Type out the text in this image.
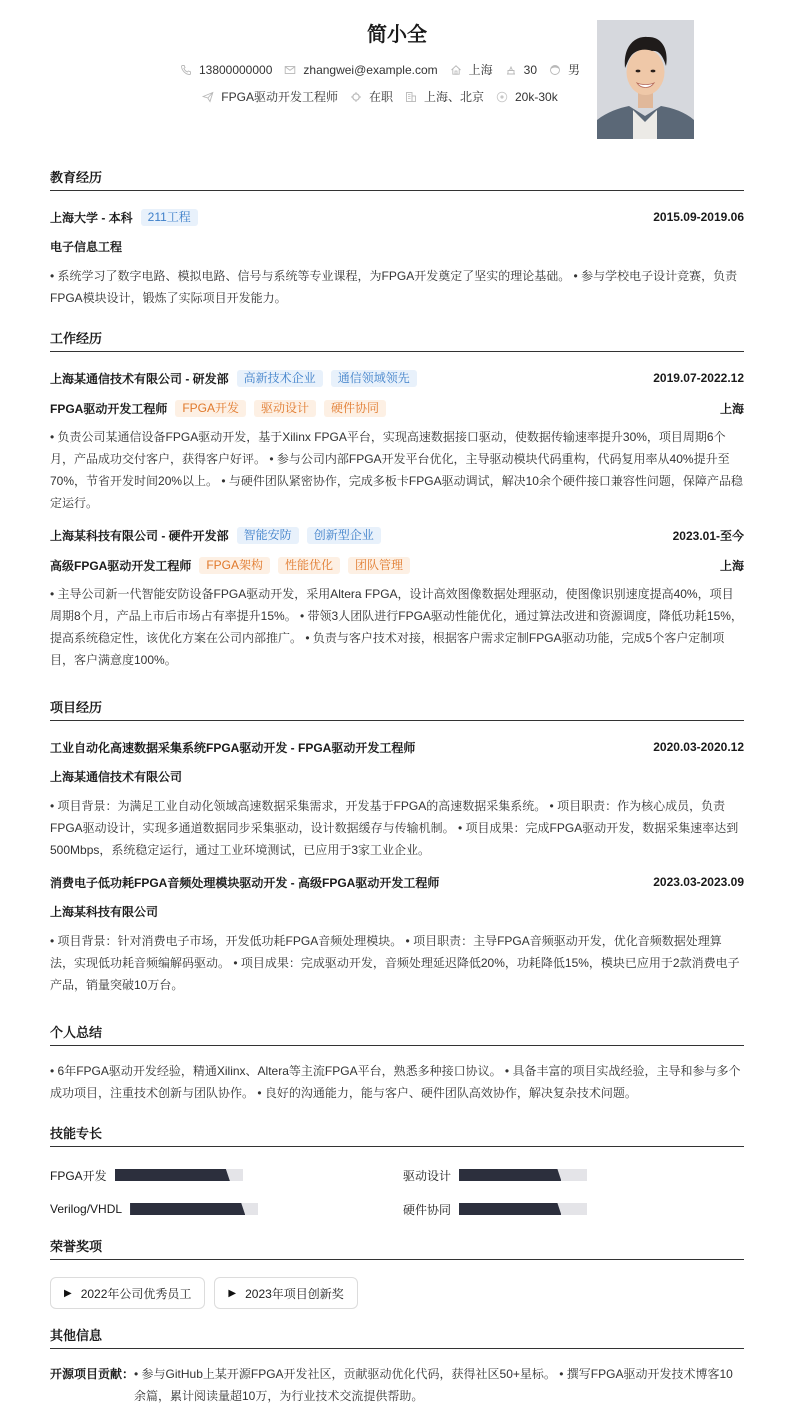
简小全
13800000000	zhangwei@example.com	上海	30	男
FPGA驱动开发工程师	在职	上海、北京	20k-30k
教育经历
上海大学 - 本科	211工程	2015.09-2019.06
电子信息工程
• 系统学习了数字电路、模拟电路、信号与系统等专业课程，为FPGA开发奠定了坚实的理论基础。 • 参与学校电子设计竞赛，负责FPGA模块设计，锻炼了实际项目开发能力。
工作经历
上海某通信技术有限公司 - 研发部	高新技术企业	通信领域领先	2019.07-2022.12
FPGA驱动开发工程师	FPGA开发	驱动设计	硬件协同	上海
• 负责公司某通信设备FPGA驱动开发，基于Xilinx FPGA平台，实现高速数据接口驱动，使数据传输速率提升30%，项目周期6个月，产品成功交付客户，获得客户好评。 • 参与公司内部FPGA开发平台优化，主导驱动模块代码重构，代码复用率从40%提升至70%，节省开发时间20%以上。 • 与硬件团队紧密协作，完成多板卡FPGA驱动调试，解决10余个硬件接口兼容性问题，保障产品稳定运行。
上海某科技有限公司 - 硬件开发部	智能安防	创新型企业	2023.01-至今
高级FPGA驱动开发工程师	FPGA架构	性能优化	团队管理	上海
• 主导公司新一代智能安防设备FPGA驱动开发，采用Altera FPGA，设计高效图像数据处理驱动，使图像识别速度提高40%，项目周期8个月，产品上市后市场占有率提升15%。 • 带领3人团队进行FPGA驱动性能优化，通过算法改进和资源调度，降低功耗15%，提高系统稳定性，该优化方案在公司内部推广。 • 负责与客户技术对接，根据客户需求定制FPGA驱动功能，完成5个客户定制项目，客户满意度100%。
项目经历
工业自动化高速数据采集系统FPGA驱动开发 - FPGA驱动开发工程师	2020.03-2020.12
上海某通信技术有限公司
• 项目背景：为满足工业自动化领域高速数据采集需求，开发基于FPGA的高速数据采集系统。 • 项目职责：作为核心成员，负责FPGA驱动设计，实现多通道数据同步采集驱动，设计数据缓存与传输机制。 • 项目成果：完成FPGA驱动开发，数据采集速率达到500Mbps，系统稳定运行，通过工业环境测试，已应用于3家工业企业。
消费电子低功耗FPGA音频处理模块驱动开发 - 高级FPGA驱动开发工程师	2023.03-2023.09
上海某科技有限公司
• 项目背景：针对消费电子市场，开发低功耗FPGA音频处理模块。 • 项目职责：主导FPGA音频驱动开发，优化音频数据处理算法，实现低功耗音频编解码驱动。 • 项目成果：完成驱动开发，音频处理延迟降低20%，功耗降低15%，模块已应用于2款消费电子产品，销量突破10万台。
个人总结
• 6年FPGA驱动开发经验，精通Xilinx、Altera等主流FPGA平台，熟悉多种接口协议。 • 具备丰富的项目实战经验，主导和参与多个成功项目，注重技术创新与团队协作。 • 良好的沟通能力，能与客户、硬件团队高效协作，解决复杂技术问题。
技能专长
FPGA开发	驱动设计
Verilog/VHDL	硬件协同
荣誉奖项
▶ 2022年公司优秀员工	▶ 2023年项目创新奖
其他信息
开源项目贡献： • 参与GitHub上某开源FPGA开发社区，贡献驱动优化代码，获得社区50+星标。 • 撰写FPGA驱动开发技术博客10余篇，累计阅读量超10万，为行业技术交流提供帮助。
